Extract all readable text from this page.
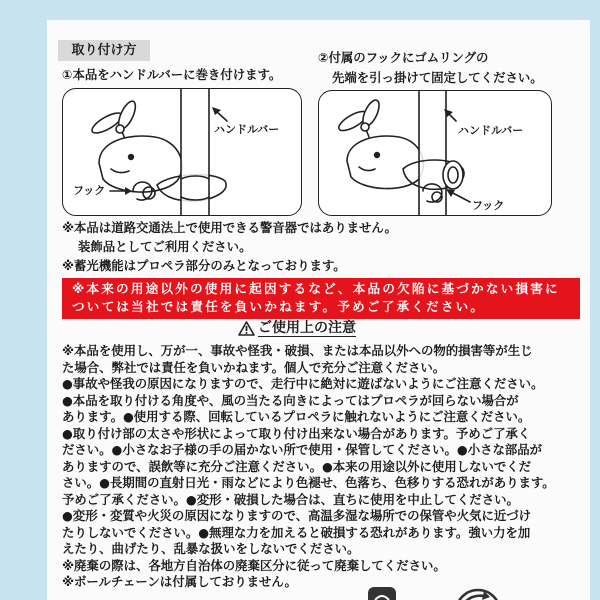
取り付け方
①本品をハンドルバーに巻き付けます。
②付属のフックにゴムリングの
先端を引っ掛けて固定してください。
ハンドルバー
フック
ハンドルバー
フック
※本品は道路交通法上で使用できる警音器ではありません。
装飾品としてご利用ください。
※蓄光機能はプロペラ部分のみとなっております。
※本来の用途以外の使用に起因するなど、本品の欠陥に基づかない損害に
ついては当社では責任を負いかねます。予めご了承ください。
ご使用上の注意
※本品を使用し、万が一、事故や怪我・破損、または本品以外への物的損害等が生じ
た場合、弊社では責任を負いかねます。個人で充分ご注意ください。
●事故や怪我の原因になりますので、走行中に絶対に遊ばないようにご注意ください。
●本品を取り付ける角度や、風の当たる向きによってはプロペラが回らない場合が
あります。●使用する際、回転しているプロペラに触れないようにご注意ください。
●取り付け部の太さや形状によって取り付け出来ない場合があります。予めご了承く
ださい。●小さなお子様の手の届かない所で使用・保管してください。●小さな部品が
ありますので、誤飲等に充分ご注意ください。●本来の用途以外に使用しないでくだ
さい。●長期間の直射日光・雨などにより色褪せ、色落ち、色移りする恐れがあります。
予めご了承ください。●変形・破損した場合は、直ちに使用を中止してください。
●変形・変質や火災の原因になりますので、高温多湿な場所での保管や火気に近づけ
たりしないでください。●無理な力を加えると破損する恐れがあります。強い力を加
えたり、曲げたり、乱暴な扱いをしないでください。
※廃棄の際は、各地方自治体の廃棄区分に従って廃棄してください。
※ボールチェーンは付属しておりません。
